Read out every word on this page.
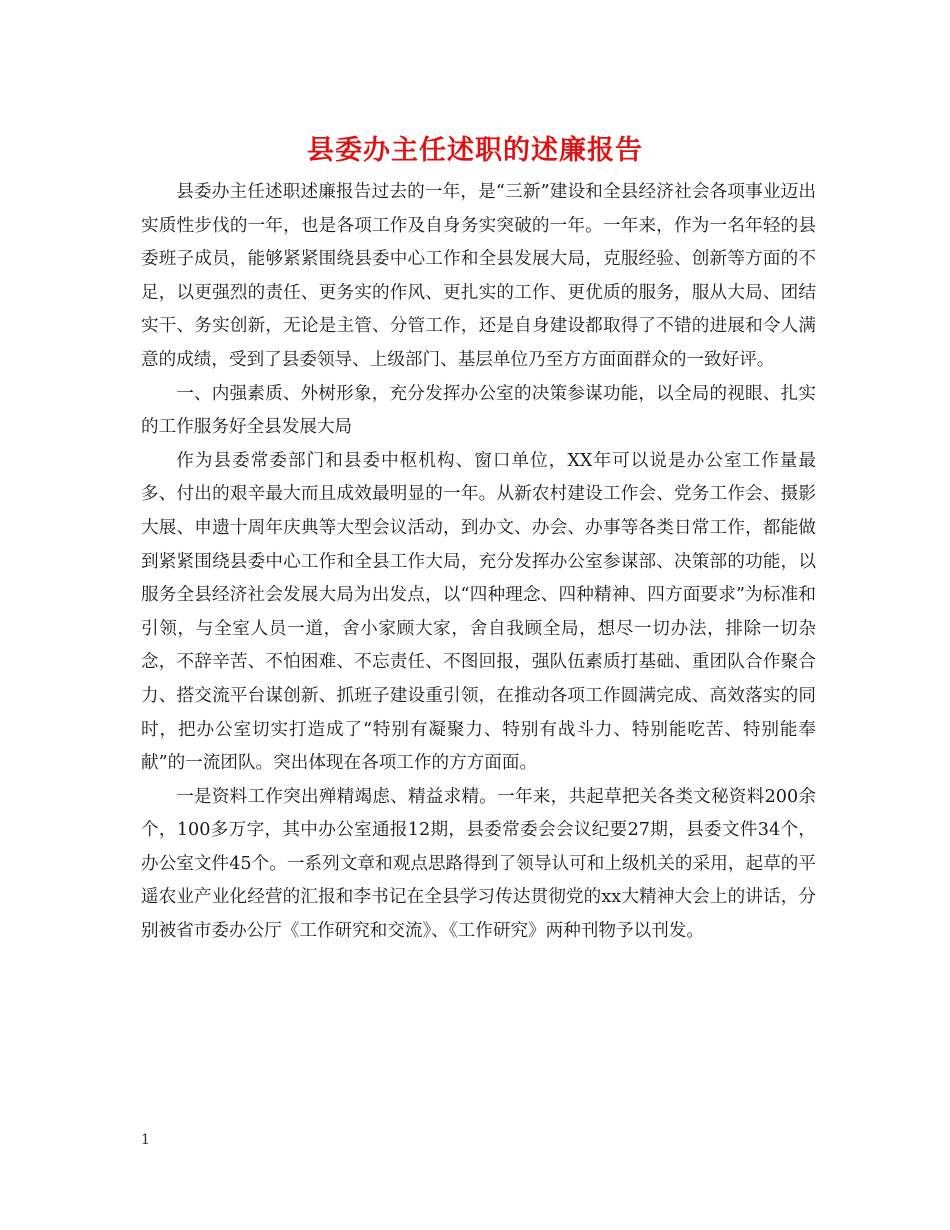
县委办主任述职的述廉报告

县委办主任述职述廉报告过去的一年，是“三新”建设和全县经济社会各项事业迈出实质性步伐的一年，也是各项工作及自身务实突破的一年。一年来，作为一名年轻的县委班子成员，能够紧紧围绕县委中心工作和全县发展大局，克服经验、创新等方面的不足，以更强烈的责任、更务实的作风、更扎实的工作、更优质的服务，服从大局、团结实干、务实创新，无论是主管、分管工作，还是自身建设都取得了不错的进展和令人满意的成绩，受到了县委领导、上级部门、基层单位乃至方方面面群众的一致好评。

一、内强素质、外树形象，充分发挥办公室的决策参谋功能，以全局的视眼、扎实的工作服务好全县发展大局

作为县委常委部门和县委中枢机构、窗口单位，XX年可以说是办公室工作量最多、付出的艰辛最大而且成效最明显的一年。从新农村建设工作会、党务工作会、摄影大展、申遗十周年庆典等大型会议活动，到办文、办会、办事等各类日常工作，都能做到紧紧围绕县委中心工作和全县工作大局，充分发挥办公室参谋部、决策部的功能，以服务全县经济社会发展大局为出发点，以“四种理念、四种精神、四方面要求”为标准和引领，与全室人员一道，舍小家顾大家，舍自我顾全局，想尽一切办法，排除一切杂念，不辞辛苦、不怕困难、不忘责任、不图回报，强队伍素质打基础、重团队合作聚合力、搭交流平台谋创新、抓班子建设重引领，在推动各项工作圆满完成、高效落实的同时，把办公室切实打造成了“特别有凝聚力、特别有战斗力、特别能吃苦、特别能奉献”的一流团队。突出体现在各项工作的方方面面。

一是资料工作突出殚精竭虑、精益求精。一年来，共起草把关各类文秘资料200余个，100多万字，其中办公室通报12期，县委常委会会议纪要27期，县委文件34个，办公室文件45个。一系列文章和观点思路得到了领导认可和上级机关的采用，起草的平遥农业产业化经营的汇报和李书记在全县学习传达贯彻党的xx大精神大会上的讲话，分别被省市委办公厅《工作研究和交流》、《工作研究》两种刊物予以刊发。

1
